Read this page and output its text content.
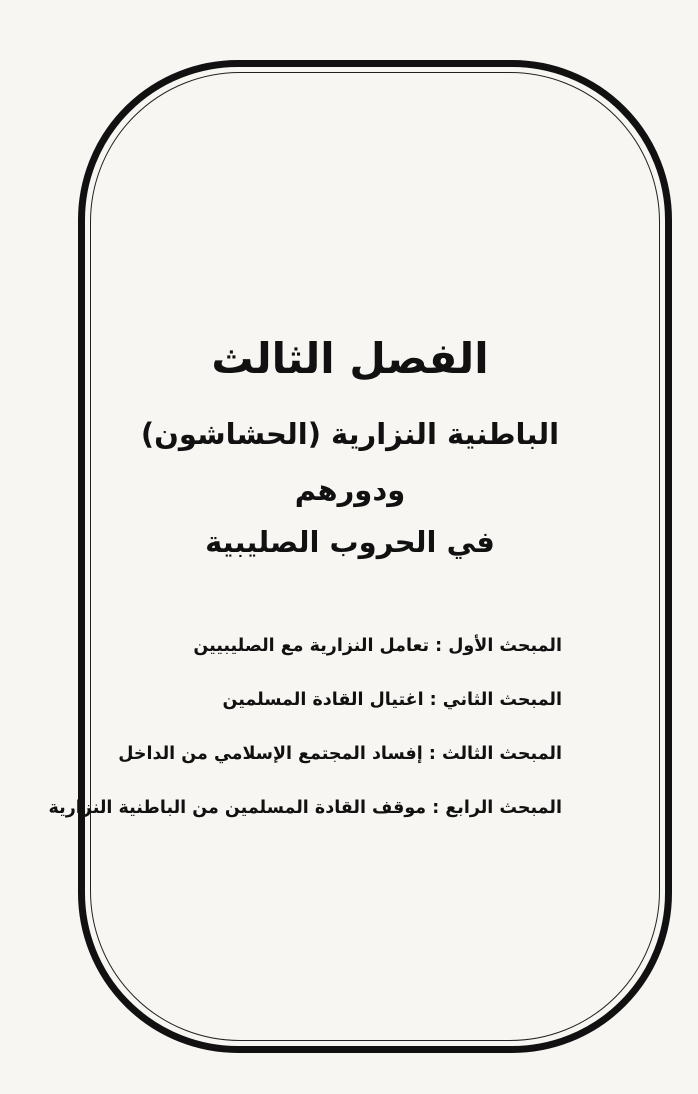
الفصل الثالث
الباطنية النزارية (الحشاشون)
ودورهم
في الحروب الصليبية
المبحث الأول : تعامل النزارية مع الصليبيين
المبحث الثاني : اغتيال القادة المسلمين
المبحث الثالث : إفساد المجتمع الإسلامي من الداخل
المبحث الرابع : موقف القادة المسلمين من الباطنية النزارية
